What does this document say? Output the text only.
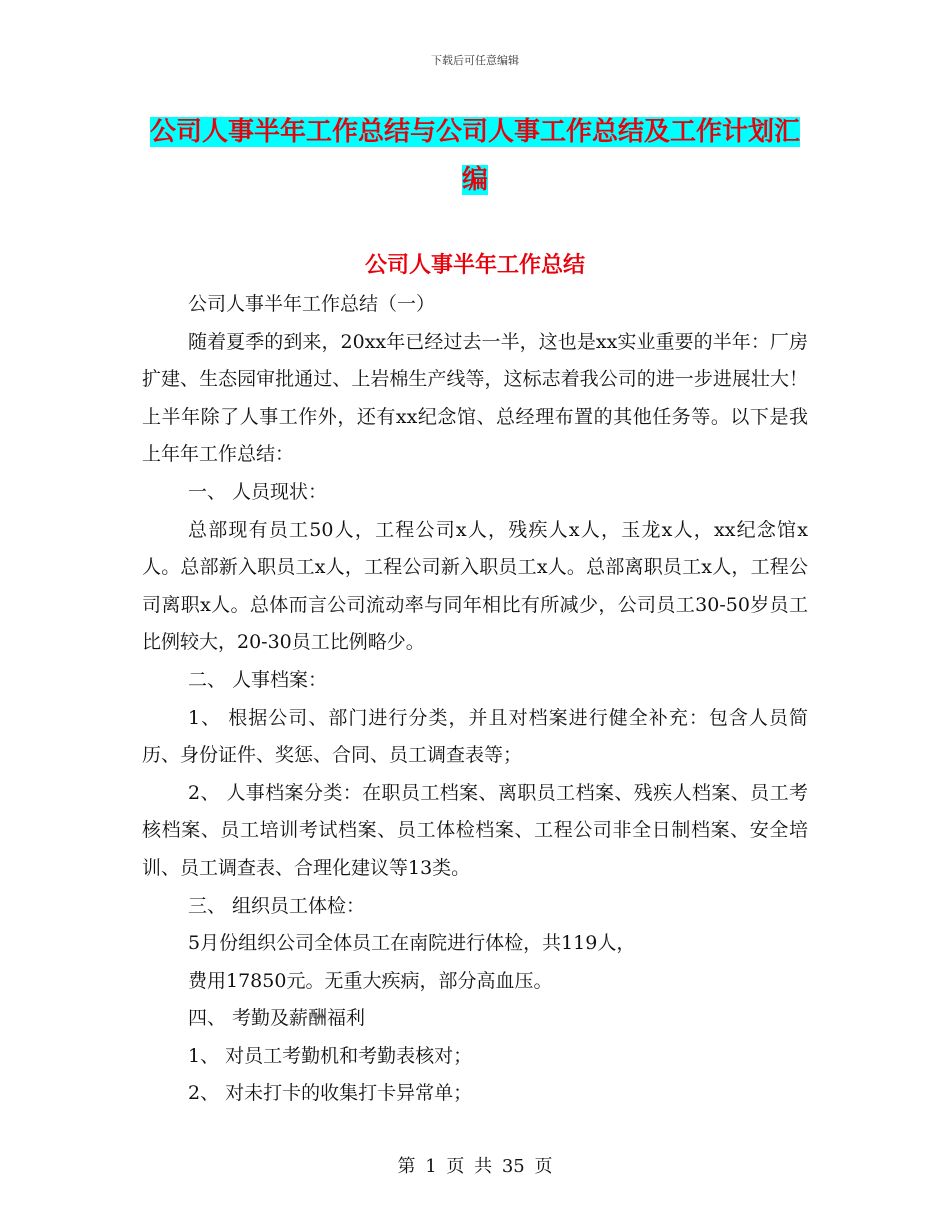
下载后可任意编辑
公司人事半年工作总结与公司人事工作总结及工作计划汇编
公司人事半年工作总结

公司人事半年工作总结（一）

随着夏季的到来，20xx年已经过去一半，这也是xx实业重要的半年：厂房扩建、生态园审批通过、上岩棉生产线等，这标志着我公司的进一步进展壮大！上半年除了人事工作外，还有xx纪念馆、总经理布置的其他任务等。以下是我上年年工作总结：

一、 人员现状：

总部现有员工50人，工程公司x人，残疾人x人，玉龙x人，xx纪念馆x人。总部新入职员工x人，工程公司新入职员工x人。总部离职员工x人，工程公司离职x人。总体而言公司流动率与同年相比有所减少，公司员工30-50岁员工比例较大，20-30员工比例略少。

二、 人事档案：

1、 根据公司、部门进行分类，并且对档案进行健全补充：包含人员简历、身份证件、奖惩、合同、员工调查表等；

2、 人事档案分类：在职员工档案、离职员工档案、残疾人档案、员工考核档案、员工培训考试档案、员工体检档案、工程公司非全日制档案、安全培训、员工调查表、合理化建议等13类。

三、 组织员工体检：

5月份组织公司全体员工在南院进行体检，共119人，

费用17850元。无重大疾病，部分高血压。

四、 考勤及薪酬福利

1、 对员工考勤机和考勤表核对；

2、 对未打卡的收集打卡异常单；

第 1 页 共 35 页
